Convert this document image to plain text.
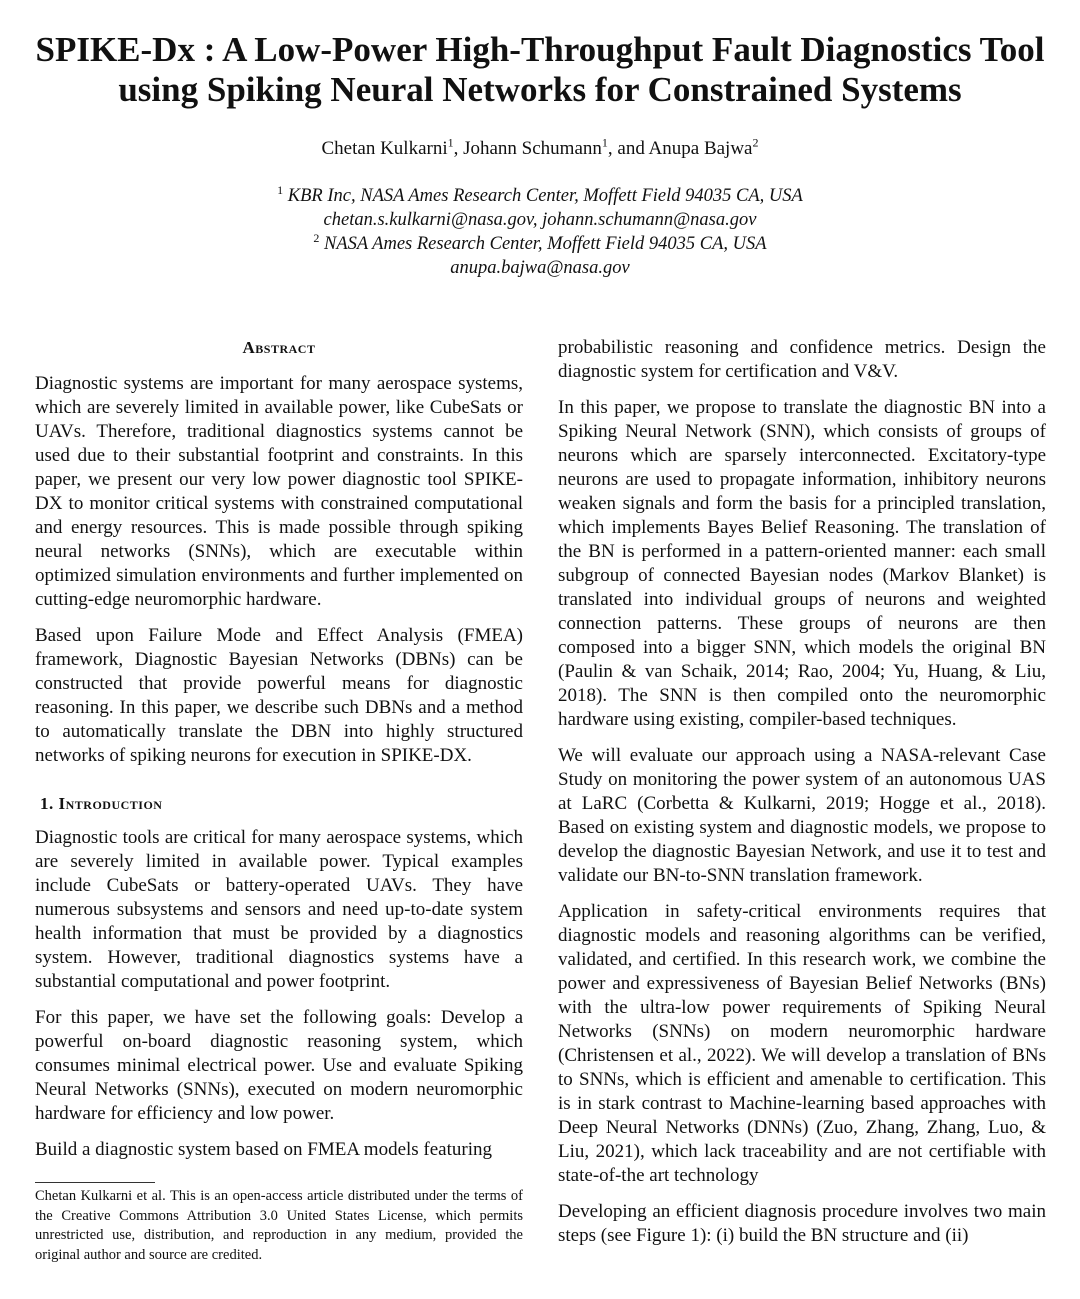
SPIKE-Dx : A Low-Power High-Throughput Fault Diagnostics Tool using Spiking Neural Networks for Constrained Systems
Chetan Kulkarni$^1$, Johann Schumann$^1$, and Anupa Bajwa$^2$
$^1$ KBR Inc, NASA Ames Research Center, Moffett Field 94035 CA, USA
chetan.s.kulkarni@nasa.gov, johann.schumann@nasa.gov
$^2$ NASA Ames Research Center, Moffett Field 94035 CA, USA
anupa.bajwa@nasa.gov
Abstract

Diagnostic systems are important for many aerospace systems, which are severely limited in available power, like CubeSats or UAVs. Therefore, traditional diagnostics systems cannot be used due to their substantial footprint and constraints. In this paper, we present our very low power diagnostic tool SPIKE-DX to monitor critical systems with constrained computational and energy resources. This is made possible through spiking neural networks (SNNs), which are executable within optimized simulation environments and further implemented on cutting-edge neuromorphic hardware.

Based upon Failure Mode and Effect Analysis (FMEA) framework, Diagnostic Bayesian Networks (DBNs) can be constructed that provide powerful means for diagnostic reasoning. In this paper, we describe such DBNs and a method to automatically translate the DBN into highly structured networks of spiking neurons for execution in SPIKE-DX.

1. Introduction

Diagnostic tools are critical for many aerospace systems, which are severely limited in available power. Typical examples include CubeSats or battery-operated UAVs. They have numerous subsystems and sensors and need up-to-date system health information that must be provided by a diagnostics system. However, traditional diagnostics systems have a substantial computational and power footprint.

For this paper, we have set the following goals: Develop a powerful on-board diagnostic reasoning system, which consumes minimal electrical power. Use and evaluate Spiking Neural Networks (SNNs), executed on modern neuromorphic hardware for efficiency and low power.

Build a diagnostic system based on FMEA models featuring

probabilistic reasoning and confidence metrics. Design the diagnostic system for certification and V&V.

In this paper, we propose to translate the diagnostic BN into a Spiking Neural Network (SNN), which consists of groups of neurons which are sparsely interconnected. Excitatory-type neurons are used to propagate information, inhibitory neurons weaken signals and form the basis for a principled translation, which implements Bayes Belief Reasoning. The translation of the BN is performed in a pattern-oriented manner: each small subgroup of connected Bayesian nodes (Markov Blanket) is translated into individual groups of neurons and weighted connection patterns. These groups of neurons are then composed into a bigger SNN, which models the original BN (Paulin & van Schaik, 2014; Rao, 2004; Yu, Huang, & Liu, 2018). The SNN is then compiled onto the neuromorphic hardware using existing, compiler-based techniques.

We will evaluate our approach using a NASA-relevant Case Study on monitoring the power system of an autonomous UAS at LaRC (Corbetta & Kulkarni, 2019; Hogge et al., 2018). Based on existing system and diagnostic models, we propose to develop the diagnostic Bayesian Network, and use it to test and validate our BN-to-SNN translation framework.

Application in safety-critical environments requires that diagnostic models and reasoning algorithms can be verified, validated, and certified. In this research work, we combine the power and expressiveness of Bayesian Belief Networks (BNs) with the ultra-low power requirements of Spiking Neural Networks (SNNs) on modern neuromorphic hardware (Christensen et al., 2022). We will develop a translation of BNs to SNNs, which is efficient and amenable to certification. This is in stark contrast to Machine-learning based approaches with Deep Neural Networks (DNNs) (Zuo, Zhang, Zhang, Luo, & Liu, 2021), which lack traceability and are not certifiable with state-of-the art technology

Developing an efficient diagnosis procedure involves two main steps (see Figure 1): (i) build the BN structure and (ii)

Chetan Kulkarni et al. This is an open-access article distributed under the terms of the Creative Commons Attribution 3.0 United States License, which permits unrestricted use, distribution, and reproduction in any medium, provided the original author and source are credited.
